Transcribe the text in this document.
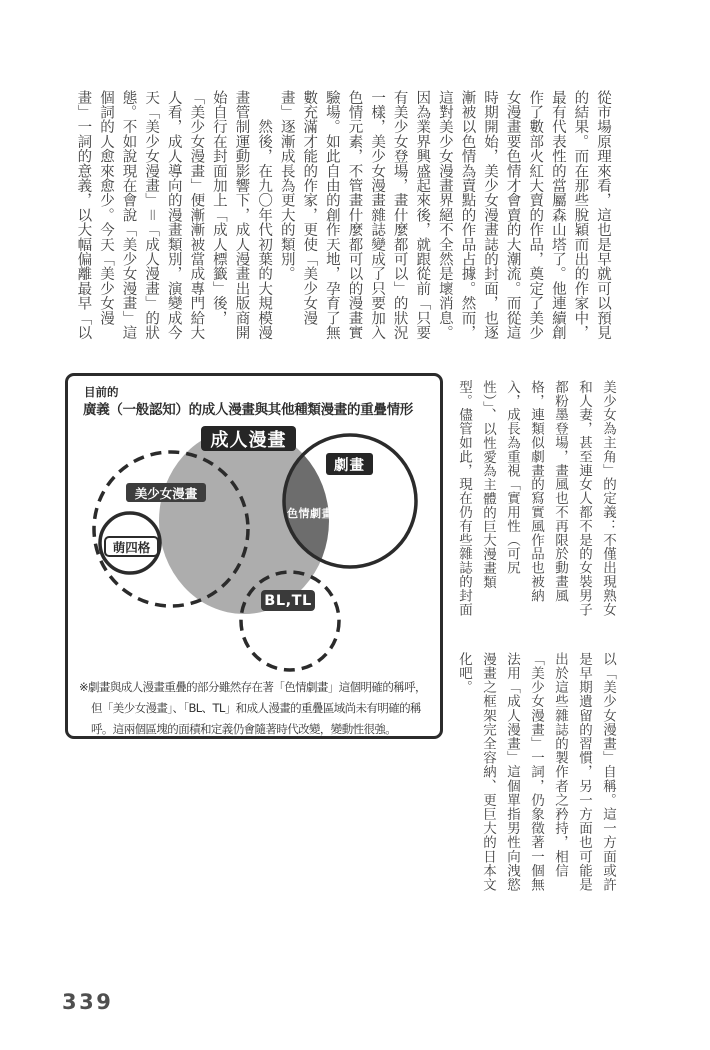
從市場原理來看，這也是早就可以預見
的結果。而在那些脫穎而出的作家中，
最有代表性的當屬森山塔了。他連續創
作了數部火紅大賣的作品，奠定了美少
女漫畫要色情才會賣的大潮流。而從這
時期開始，美少女漫畫誌的封面，也逐
漸被以色情為賣點的作品占據。然而，
這對美少女漫畫界絕不全然是壞消息。
因為業界興盛起來後，就跟從前「只要
有美少女登場，畫什麼都可以」的狀況
一樣，美少女漫畫雜誌變成了只要加入
色情元素，不管畫什麼都可以的漫畫實
驗場。如此自由的創作天地，孕育了無
數充滿才能的作家，更使「美少女漫
畫」逐漸成長為更大的類別。
　　然後，在九〇年代初葉的大規模漫
畫管制運動影響下，成人漫畫出版商開
始自行在封面加上「成人標籤」後，
「美少女漫畫」便漸漸被當成專門給大
人看，成人導向的漫畫類別，演變成今
天「美少女漫畫」＝「成人漫畫」的狀
態。不如說現在會說「美少女漫畫」這
個詞的人愈來愈少。今天「美少女漫
畫」一詞的意義，以大幅偏離最早「以
美少女為主角」的定義：不僅出現熟女
和人妻，甚至連女人都不是的女裝男子
都粉墨登場，畫風也不再限於動畫風
格，連類似劇畫的寫實風作品也被納
入，成長為重視「實用性（可尻
性）」、以性愛為主體的巨大漫畫類
型。儘管如此，現在仍有些雜誌的封面
以「美少女漫畫」自稱。這一方面或許
是早期遺留的習慣，另一方面也可能是
出於這些雜誌的製作者之矜持，相信
「美少女漫畫」一詞，仍象徵著一個無
法用「成人漫畫」這個單指男性向洩慾
漫畫之框架完全容納、更巨大的日本文
化吧。
目前的
廣義（一般認知）的成人漫畫與其他種類漫畫的重疊情形
成人漫畫
劇畫
美少女漫畫
萌四格
色情劇畫
BL,TL
※劇畫與成人漫畫重疊的部分雖然存在著「色情劇畫」這個明確的稱呼，
但「美少女漫畫」、「BL、TL」和成人漫畫的重疊區域尚未有明確的稱
呼。這兩個區塊的面積和定義仍會隨著時代改變，變動性很強。
339
